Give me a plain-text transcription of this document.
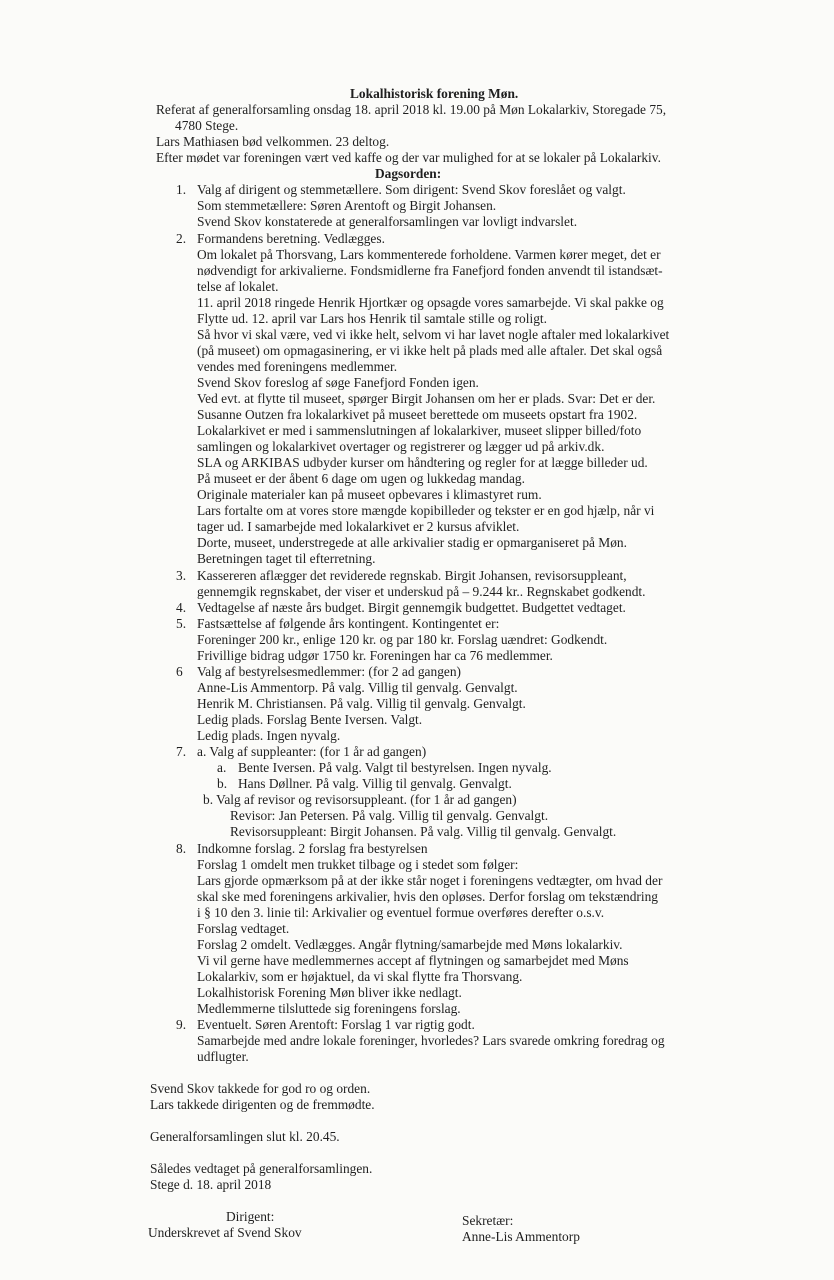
Lokalhistorisk forening Møn.
Referat af generalforsamling onsdag 18. april 2018 kl. 19.00 på Møn Lokalarkiv, Storegade 75,
4780 Stege.
Lars Mathiasen bød velkommen. 23 deltog.
Efter mødet var foreningen vært ved kaffe og der var mulighed for at se lokaler på Lokalarkiv.
Dagsorden:
1. Valg af dirigent og stemmetællere. Som dirigent: Svend Skov foreslået og valgt.
Som stemmetællere: Søren Arentoft og Birgit Johansen.
Svend Skov konstaterede at generalforsamlingen var lovligt indvarslet.
2. Formandens beretning. Vedlægges.
Om lokalet på Thorsvang, Lars kommenterede forholdene. Varmen kører meget, det er
nødvendigt for arkivalierne. Fondsmidlerne fra Fanefjord fonden anvendt til istandsæt-
telse af lokalet.
11. april 2018 ringede Henrik Hjortkær og opsagde vores samarbejde. Vi skal pakke og
Flytte ud. 12. april var Lars hos Henrik til samtale stille og roligt.
Så hvor vi skal være, ved vi ikke helt, selvom vi har lavet nogle aftaler med lokalarkivet
(på museet) om opmagasinering, er vi ikke helt på plads med alle aftaler. Det skal også
vendes med foreningens medlemmer.
Svend Skov foreslog af søge Fanefjord Fonden igen.
Ved evt. at flytte til museet, spørger Birgit Johansen om her er plads. Svar: Det er der.
Susanne Outzen fra lokalarkivet på museet berettede om museets opstart fra 1902.
Lokalarkivet er med i sammenslutningen af lokalarkiver, museet slipper billed/foto
samlingen og lokalarkivet overtager og registrerer og lægger ud på arkiv.dk.
SLA og ARKIBAS udbyder kurser om håndtering og regler for at lægge billeder ud.
På museet er der åbent 6 dage om ugen og lukkedag mandag.
Originale materialer kan på museet opbevares i klimastyret rum.
Lars fortalte om at vores store mængde kopibilleder og tekster er en god hjælp, når vi
tager ud. I samarbejde med lokalarkivet er 2 kursus afviklet.
Dorte, museet, understregede at alle arkivalier stadig er opmarganiseret på Møn.
Beretningen taget til efterretning.
3. Kassereren aflægger det reviderede regnskab. Birgit Johansen, revisorsuppleant,
gennemgik regnskabet, der viser et underskud på – 9.244 kr.. Regnskabet godkendt.
4. Vedtagelse af næste års budget. Birgit gennemgik budgettet. Budgettet vedtaget.
5. Fastsættelse af følgende års kontingent. Kontingentet er:
Foreninger 200 kr., enlige 120 kr. og par 180 kr. Forslag uændret: Godkendt.
Frivillige bidrag udgør 1750 kr. Foreningen har ca 76 medlemmer.
6 Valg af bestyrelsesmedlemmer: (for 2 ad gangen)
Anne-Lis Ammentorp. På valg. Villig til genvalg. Genvalgt.
Henrik M. Christiansen. På valg. Villig til genvalg. Genvalgt.
Ledig plads. Forslag Bente Iversen. Valgt.
Ledig plads. Ingen nyvalg.
7. a. Valg af suppleanter: (for 1 år ad gangen)
a. Bente Iversen. På valg. Valgt til bestyrelsen. Ingen nyvalg.
b. Hans Døllner. På valg. Villig til genvalg. Genvalgt.
b. Valg af revisor og revisorsuppleant. (for 1 år ad gangen)
Revisor: Jan Petersen. På valg. Villig til genvalg. Genvalgt.
Revisorsuppleant: Birgit Johansen. På valg. Villig til genvalg. Genvalgt.
8. Indkomne forslag. 2 forslag fra bestyrelsen
Forslag 1 omdelt men trukket tilbage og i stedet som følger:
Lars gjorde opmærksom på at der ikke står noget i foreningens vedtægter, om hvad der
skal ske med foreningens arkivalier, hvis den opløses. Derfor forslag om tekstændring
i § 10 den 3. linie til: Arkivalier og eventuel formue overføres derefter o.s.v.
Forslag vedtaget.
Forslag 2 omdelt. Vedlægges. Angår flytning/samarbejde med Møns lokalarkiv.
Vi vil gerne have medlemmernes accept af flytningen og samarbejdet med Møns
Lokalarkiv, som er højaktuel, da vi skal flytte fra Thorsvang.
Lokalhistorisk Forening Møn bliver ikke nedlagt.
Medlemmerne tilsluttede sig foreningens forslag.
9. Eventuelt. Søren Arentoft: Forslag 1 var rigtig godt.
Samarbejde med andre lokale foreninger, hvorledes? Lars svarede omkring foredrag og
udflugter.
Svend Skov takkede for god ro og orden.
Lars takkede dirigenten og de fremmødte.
Generalforsamlingen slut kl. 20.45.
Således vedtaget på generalforsamlingen.
Stege d. 18. april 2018
Dirigent:
Underskrevet af Svend Skov
Sekretær:
Anne-Lis Ammentorp
